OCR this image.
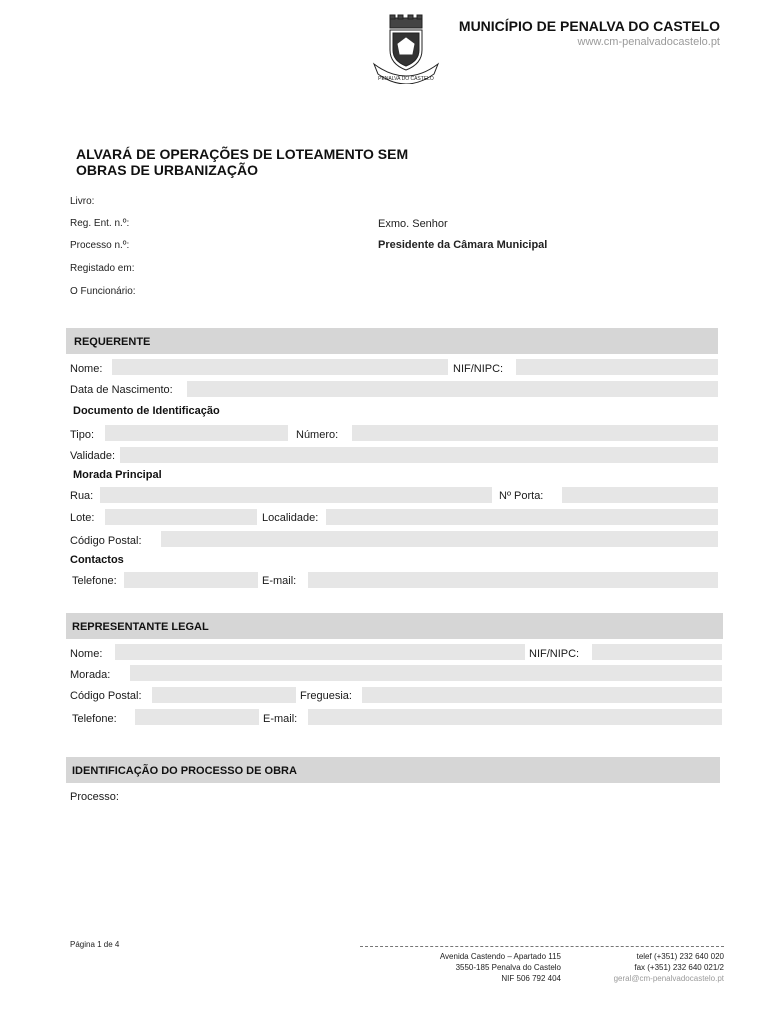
PENALVA DO CASTELO
MUNICÍPIO DE PENALVA DO CASTELO
www.cm-penalvadocastelo.pt
ALVARÁ DE OPERAÇÕES DE LOTEAMENTO SEM
OBRAS DE URBANIZAÇÃO
Livro:
Reg. Ent. n.º:
Processo n.º:
Registado em:
O Funcionário:
Exmo. Senhor
Presidente da Câmara Municipal
REQUERENTE
Nome:	NIF/NIPC:
Data de Nascimento:
Documento de Identificação
Tipo:	Número:
Validade:
Morada Principal
Rua:	Nº Porta:
Lote:	Localidade:
Código Postal:
Contactos
Telefone:	E-mail:
REPRESENTANTE LEGAL
Nome:	NIF/NIPC:
Morada:
Código Postal:	Freguesia:
Telefone:	E-mail:
IDENTIFICAÇÃO DO PROCESSO DE OBRA
Processo:
Página 1 de 4
Avenida Castendo – Apartado 115
3550-185 Penalva do Castelo
NIF 506 792 404
telef (+351) 232 640 020
fax (+351) 232 640 021/2
geral@cm-penalvadocastelo.pt
